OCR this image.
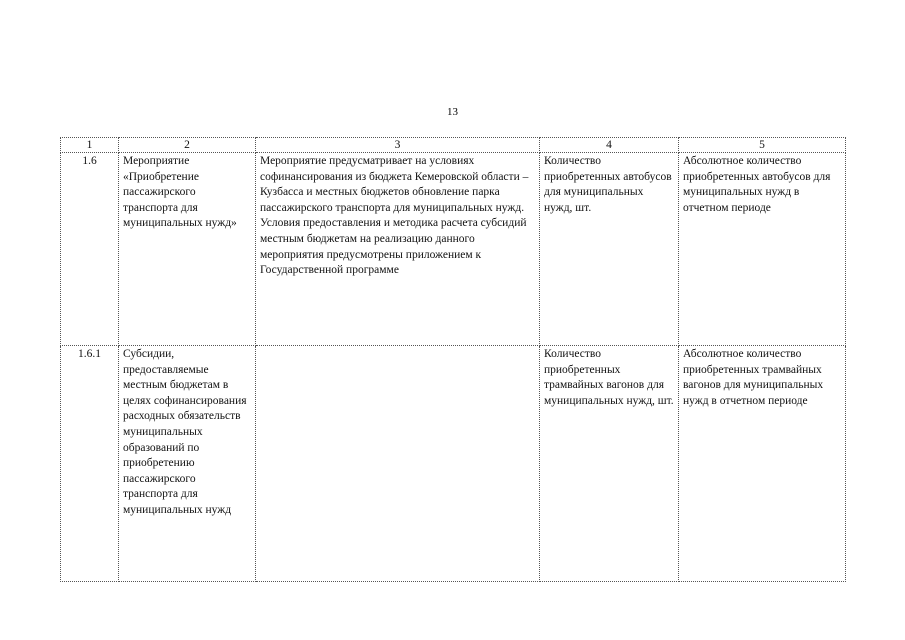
13
1	2	3	4	5
1.6	Мероприятие «Приобретение пассажирского транспорта для муниципальных нужд»	Мероприятие предусматривает на условиях софинансирования из бюджета Кемеровской области – Кузбасса и местных бюджетов обновление парка пассажирского транспорта для муниципальных нужд. Условия предоставления и методика расчета субсидий местным бюджетам на реализацию данного мероприятия предусмотрены приложением к Государственной программе	Количество приобретенных автобусов для муниципальных нужд, шт.	Абсолютное количество приобретенных автобусов для муниципальных нужд в отчетном периоде
1.6.1	Субсидии, предоставляемые местным бюджетам в целях софинансирования расходных обязательств муниципальных образований по приобретению пассажирского транспорта для муниципальных нужд		Количество приобретенных трамвайных вагонов для муниципальных нужд, шт.	Абсолютное количество приобретенных трамвайных вагонов для муниципальных нужд в отчетном периоде
